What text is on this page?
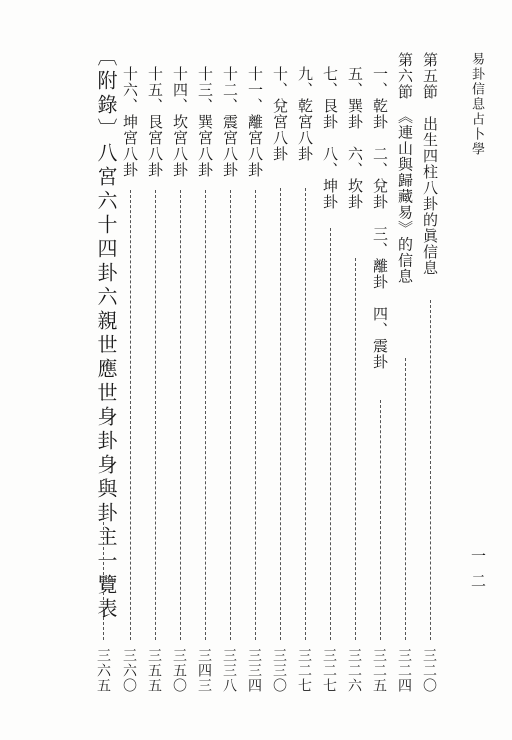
易卦信息占卜學
一二
第五節　出生四柱八卦的眞信息
三二〇
第六節　《連山與歸藏易》的信息
三二四
一、乾卦　二、兌卦　三、離卦　四、震卦
三二五
五、巽卦　六、坎卦
三二六
七、艮卦　八、坤卦
三二七
九、乾宮八卦
三二七
十、兌宮八卦
三三〇
十一、離宮八卦
三三四
十二、震宮八卦
三三八
十三、巽宮八卦
三四三
十四、坎宮八卦
三五〇
十五、艮宮八卦
三五五
十六、坤宮八卦
三六〇
〔附錄〕八宮六十四卦六親世應世身卦身與卦主一覽表
三六五
